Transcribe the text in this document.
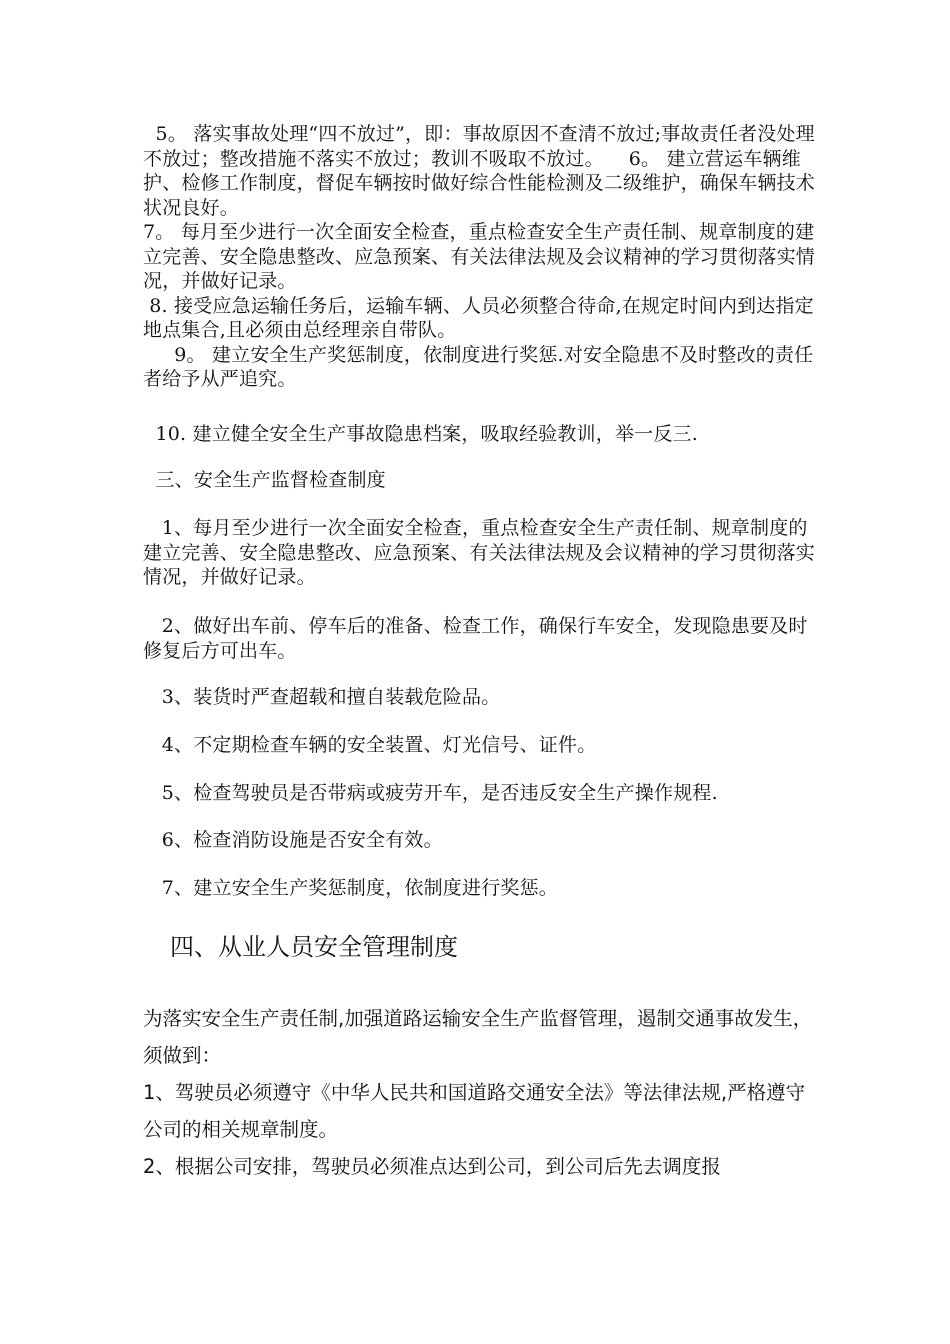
5。 落实事故处理“四不放过”，即：事故原因不查清不放过;事故责任者没处理不放过；整改措施不落实不放过；教训不吸取不放过。    6。 建立营运车辆维护、检修工作制度，督促车辆按时做好综合性能检测及二级维护，确保车辆技术状况良好。
7。 每月至少进行一次全面安全检查，重点检查安全生产责任制、规章制度的建立完善、安全隐患整改、应急预案、有关法律法规及会议精神的学习贯彻落实情况，并做好记录。
8. 接受应急运输任务后，运输车辆、人员必须整合待命,在规定时间内到达指定地点集合,且必须由总经理亲自带队。
9。 建立安全生产奖惩制度，依制度进行奖惩.对安全隐患不及时整改的责任者给予从严追究。

10. 建立健全安全生产事故隐患档案，吸取经验教训，举一反三.

三、安全生产监督检查制度

1、每月至少进行一次全面安全检查，重点检查安全生产责任制、规章制度的建立完善、安全隐患整改、应急预案、有关法律法规及会议精神的学习贯彻落实情况，并做好记录。

2、做好出车前、停车后的准备、检查工作，确保行车安全，发现隐患要及时修复后方可出车。

3、装货时严查超载和擅自装载危险品。

4、不定期检查车辆的安全装置、灯光信号、证件。

5、检查驾驶员是否带病或疲劳开车，是否违反安全生产操作规程.

6、检查消防设施是否安全有效。

7、建立安全生产奖惩制度，依制度进行奖惩。

四、从业人员安全管理制度

为落实安全生产责任制,加强道路运输安全生产监督管理，遏制交通事故发生，须做到：

1、驾驶员必须遵守《中华人民共和国道路交通安全法》等法律法规,严格遵守公司的相关规章制度。

2、根据公司安排，驾驶员必须准点达到公司，到公司后先去调度报
